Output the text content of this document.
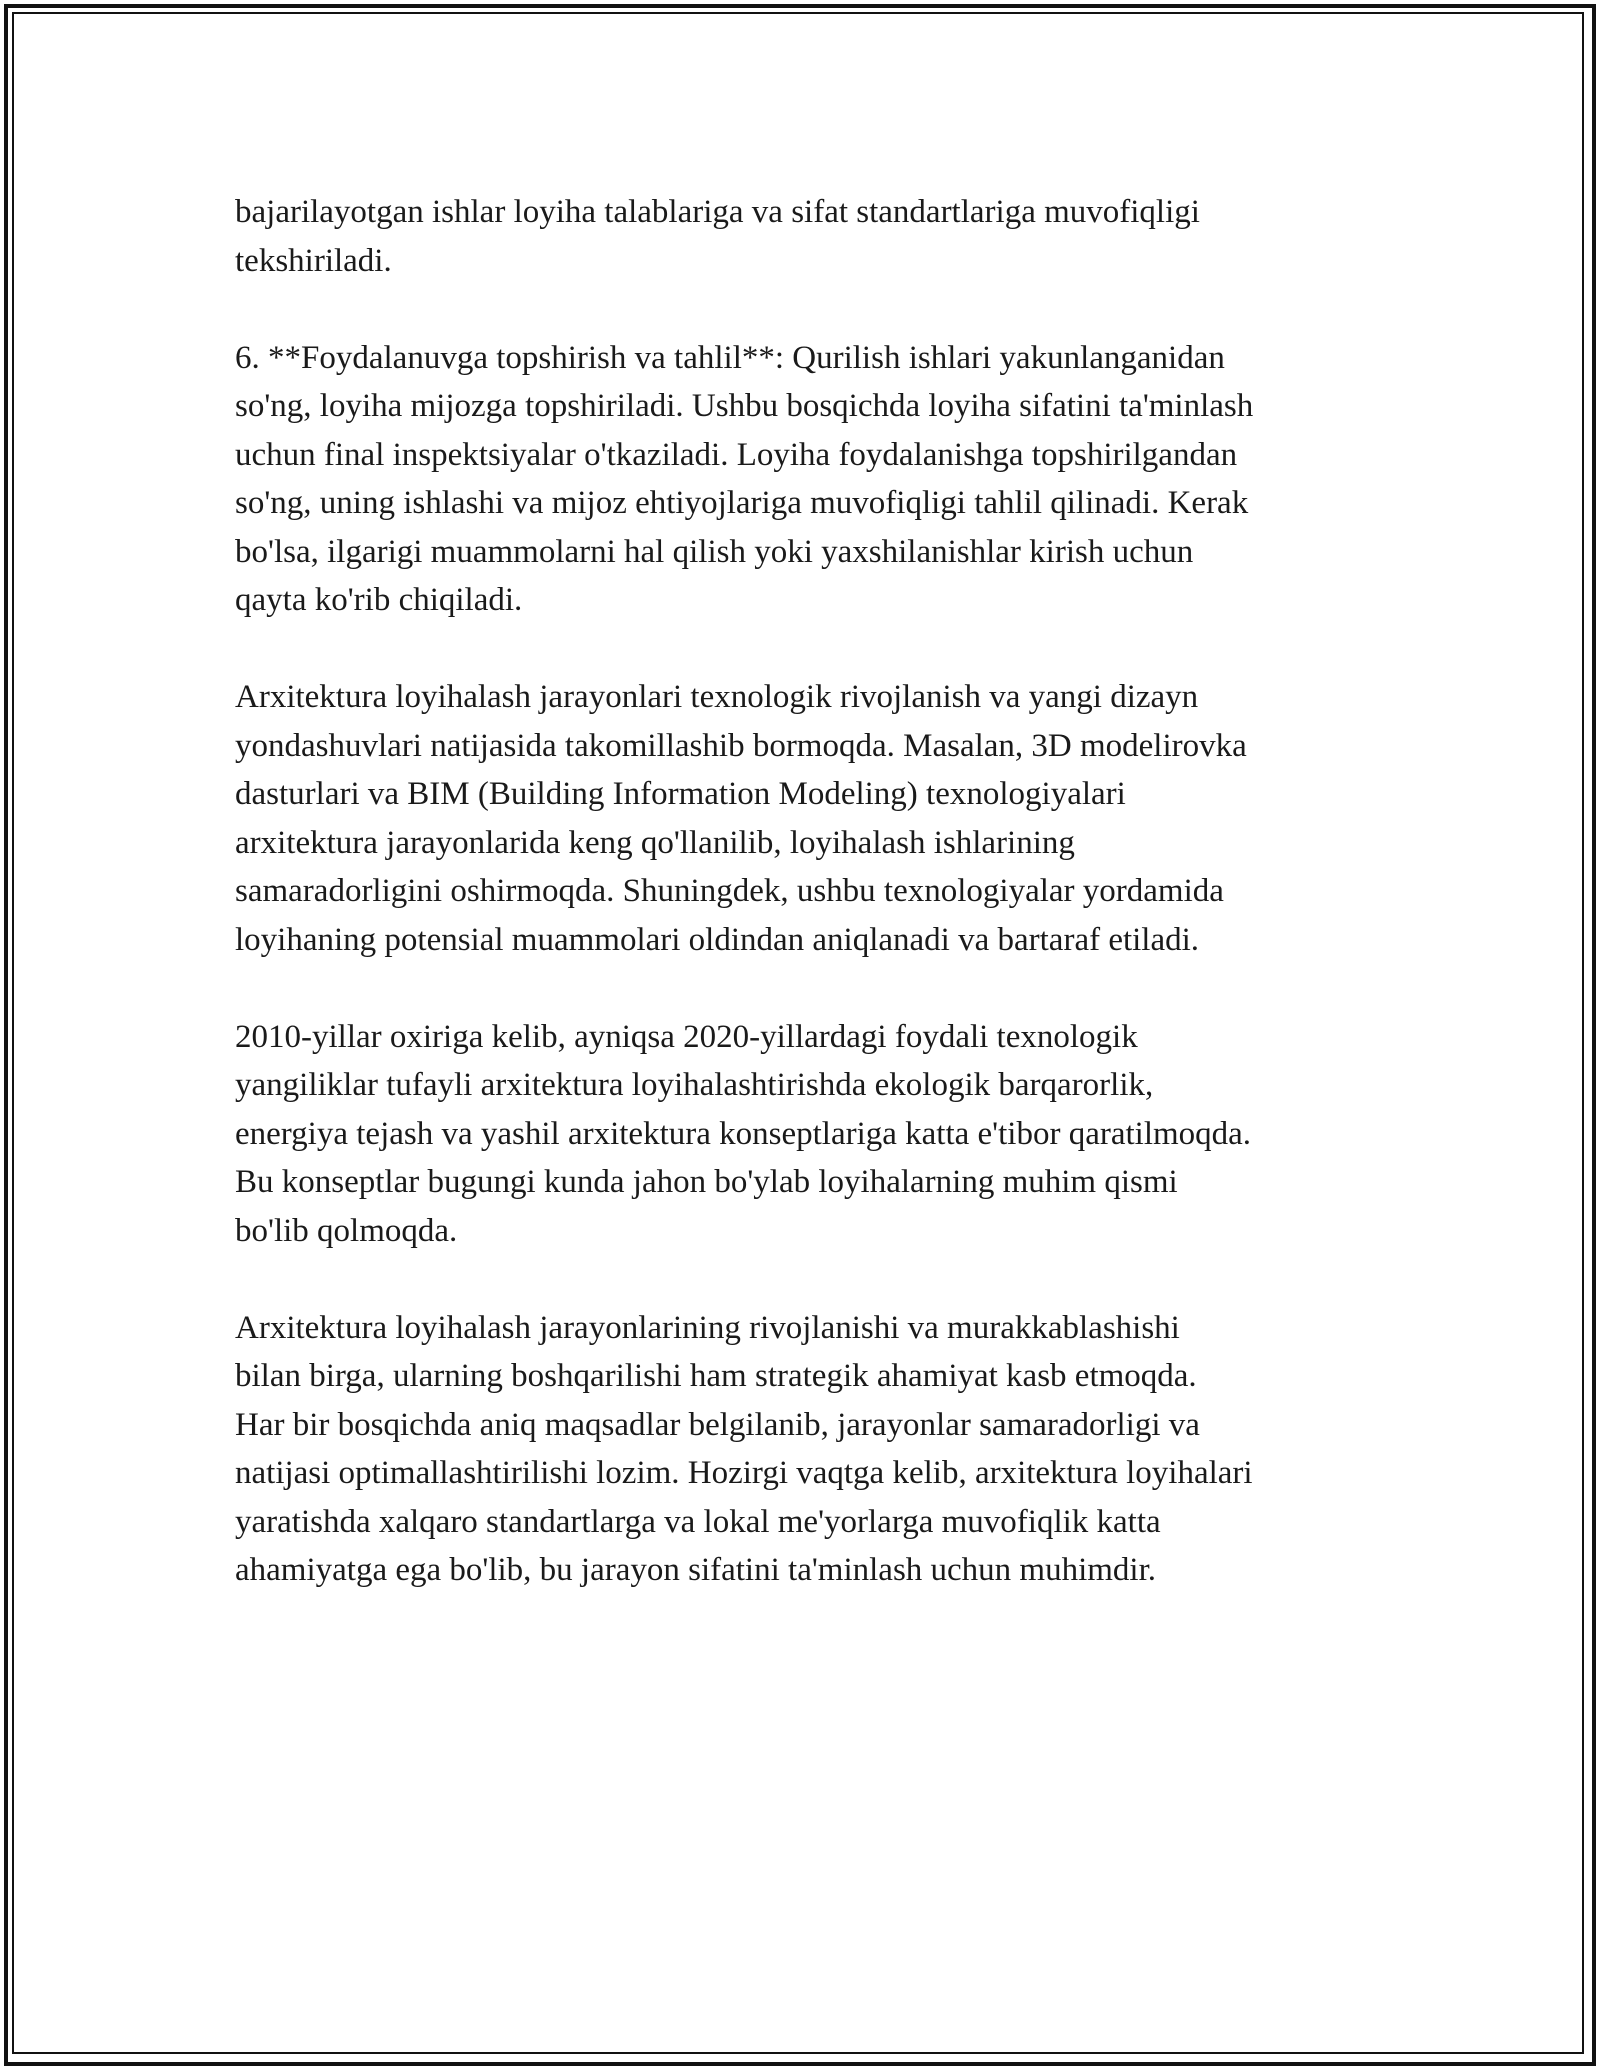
bajarilayotgan ishlar loyiha talablariga va sifat standartlariga muvofiqligi
tekshiriladi.

6. **Foydalanuvga topshirish va tahlil**: Qurilish ishlari yakunlanganidan
so'ng, loyiha mijozga topshiriladi. Ushbu bosqichda loyiha sifatini ta'minlash
uchun final inspektsiyalar o'tkaziladi. Loyiha foydalanishga topshirilgandan
so'ng, uning ishlashi va mijoz ehtiyojlariga muvofiqligi tahlil qilinadi. Kerak
bo'lsa, ilgarigi muammolarni hal qilish yoki yaxshilanishlar kirish uchun
qayta ko'rib chiqiladi.

Arxitektura loyihalash jarayonlari texnologik rivojlanish va yangi dizayn
yondashuvlari natijasida takomillashib bormoqda. Masalan, 3D modelirovka
dasturlari va BIM (Building Information Modeling) texnologiyalari
arxitektura jarayonlarida keng qo'llanilib, loyihalash ishlarining
samaradorligini oshirmoqda. Shuningdek, ushbu texnologiyalar yordamida
loyihaning potensial muammolari oldindan aniqlanadi va bartaraf etiladi.

2010-yillar oxiriga kelib, ayniqsa 2020-yillardagi foydali texnologik
yangiliklar tufayli arxitektura loyihalashtirishda ekologik barqarorlik,
energiya tejash va yashil arxitektura konseptlariga katta e'tibor qaratilmoqda.
Bu konseptlar bugungi kunda jahon bo'ylab loyihalarning muhim qismi
bo'lib qolmoqda.

Arxitektura loyihalash jarayonlarining rivojlanishi va murakkablashishi
bilan birga, ularning boshqarilishi ham strategik ahamiyat kasb etmoqda.
Har bir bosqichda aniq maqsadlar belgilanib, jarayonlar samaradorligi va
natijasi optimallashtirilishi lozim. Hozirgi vaqtga kelib, arxitektura loyihalari
yaratishda xalqaro standartlarga va lokal me'yorlarga muvofiqlik katta
ahamiyatga ega bo'lib, bu jarayon sifatini ta'minlash uchun muhimdir.
